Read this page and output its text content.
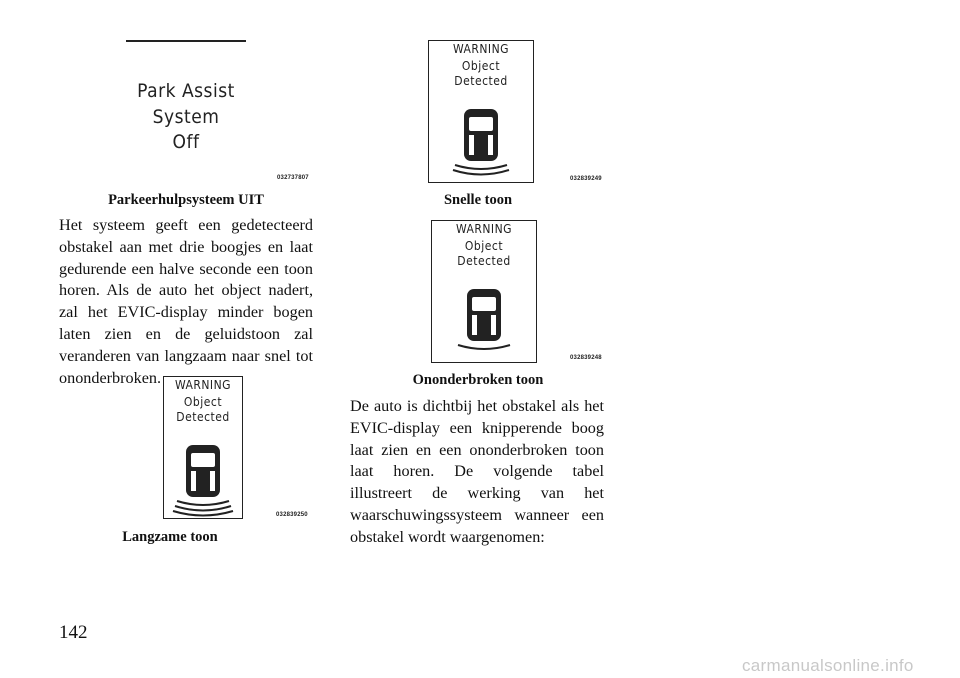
Park Assist
System
Off
032737807
Parkeerhulpsysteem UIT

Het systeem geeft een gedetecteerd obstakel aan met drie boogjes en laat gedurende een halve seconde een toon horen. Als de auto het object nadert, zal het EVIC-display minder bogen laten zien en de geluidstoon zal veranderen van langzaam naar snel tot ononderbroken.	WARNING
Object
Detected
032839250
Langzame toon
WARNING
Object
Detected
032839249
Snelle toon
WARNING
Object
Detected
032839248
Ononderbroken toon

De auto is dichtbij het obstakel als het EVIC-display een knipperende boog laat zien en een ononderbroken toon laat horen. De volgende tabel illustreert de werking van het waarschuwingssysteem wanneer een obstakel wordt waargenomen:

142
carmanualsonline.info
